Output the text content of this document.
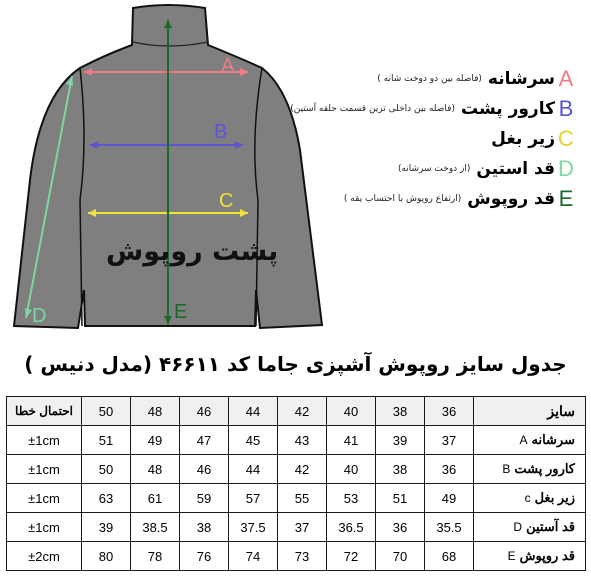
A
B
C
D	E
پشت روپوش
A
سرشانه
(فاصله بین دو دوخت شانه )
B
کارور پشت
(فاصله بین داخلی ترین قسمت حلقه آستین)
C
زیر بغل
D
قد استین
(از دوخت سرشانه)
E
قد روپوش
(ارتفاع روپوش با احتساب یقه )
جدول سایز روپوش آشپزی جاما کد ۴۶۶۱۱ (مدل دنیس )
احتمال خطا	50	48	46	44	42	40	38	36	سایز
±1cm	51	49	47	45	43	41	39	37	سرشانهA
±1cm	50	48	46	44	42	40	38	36	کارور پشتB
±1cm	63	61	59	57	55	53	51	49	زیر بغلc
±1cm	39	38.5	38	37.5	37	36.5	36	35.5	قد آستینD
±2cm	80	78	76	74	73	72	70	68	قد روپوشE
